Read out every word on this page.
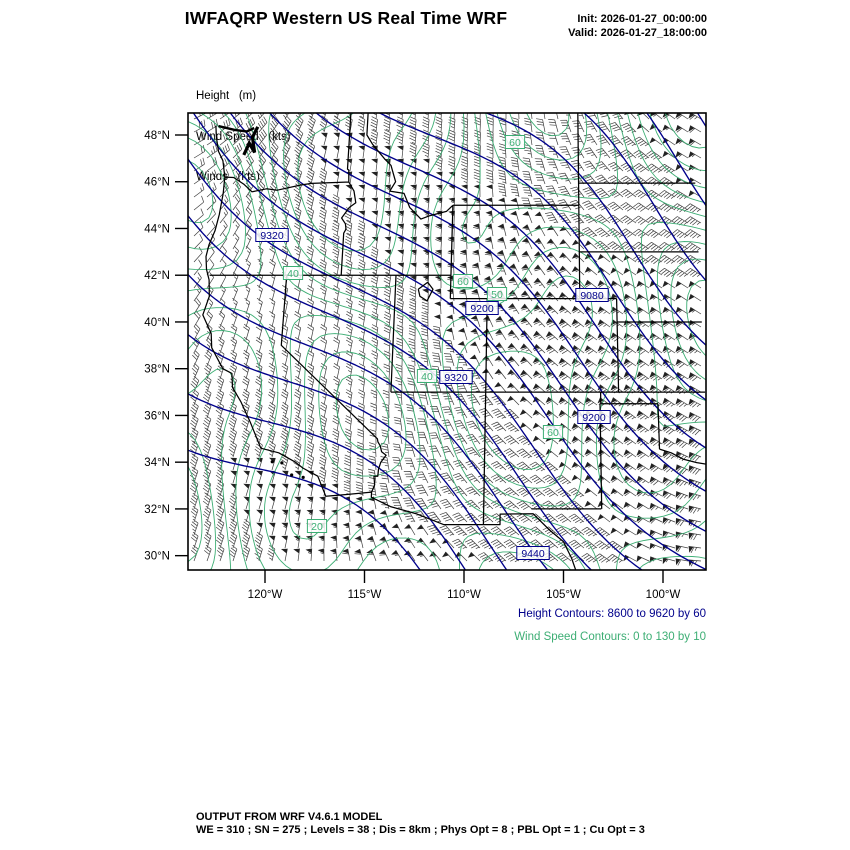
IWFAQRP Western US Real Time WRF	Init: 2026-01-27_00:00:00
Valid: 2026-01-27_18:00:00

Height   (m)

Wind Speed   (kts)

Winds   (kts)

48°N
46°N
44°N
42°N
40°N
38°N
36°N
34°N
32°N
30°N
120°W	115°W	110°W	105°W	100°W
60
60
50
40
40
60
20
9320
9200
9080
9320
9200
9440
Height Contours: 8600 to 9620 by 60
Wind Speed Contours: 0 to 130 by 10
OUTPUT FROM WRF V4.6.1 MODEL
WE = 310 ; SN = 275 ; Levels = 38 ; Dis = 8km ; Phys Opt = 8 ; PBL Opt = 1 ; Cu Opt = 3
